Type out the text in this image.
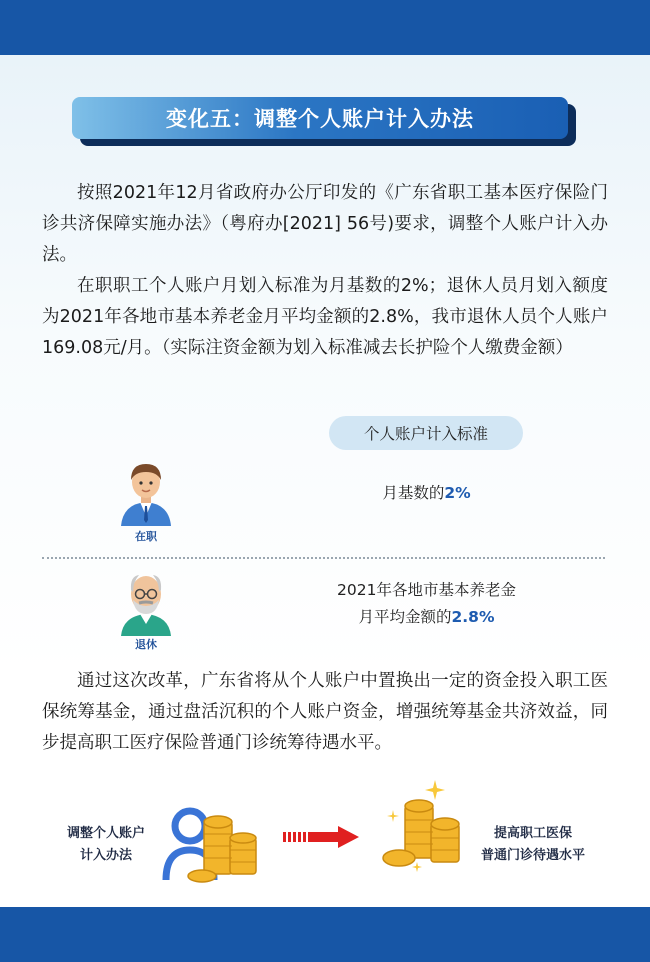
变化五：调整个人账户计入办法

按照2021年12月省政府办公厅印发的《广东省职工基本医疗保险门诊共济保障实施办法》（粤府办[2021] 56号)要求，调整个人账户计入办法。

在职职工个人账户月划入标准为月基数的2%；退休人员月划入额度为2021年各地市基本养老金月平均金额的2.8%，我市退休人员个人账户169.08元/月。（实际注资金额为划入标准减去长护险个人缴费金额）

个人账户计入标准
在职
月基数的2%
退休
2021年各地市基本养老金
月平均金额的2.8%

通过这次改革，广东省将从个人账户中置换出一定的资金投入职工医保统筹基金，通过盘活沉积的个人账户资金，增强统筹基金共济效益，同步提高职工医疗保险普通门诊统筹待遇水平。

调整个人账户
计入办法
提高职工医保
普通门诊待遇水平
